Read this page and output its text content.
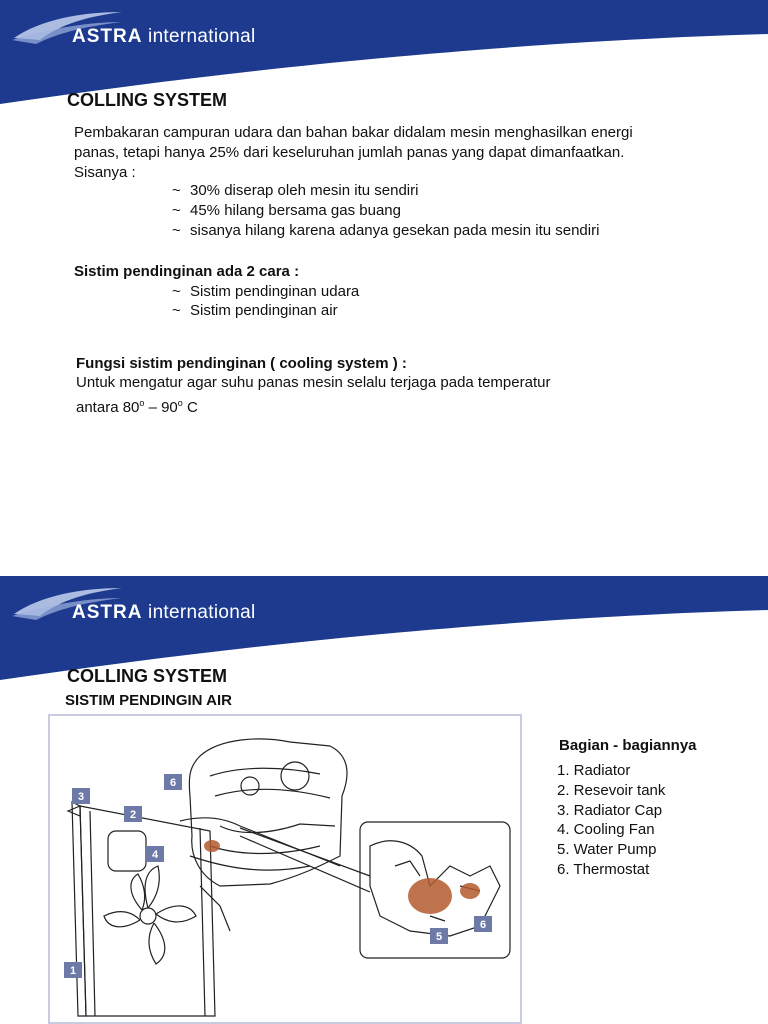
ASTRA international
COLLING SYSTEM
Pembakaran campuran udara dan bahan bakar didalam mesin menghasilkan energi
panas, tetapi hanya 25% dari keseluruhan jumlah panas yang dapat dimanfaatkan.
Sisanya :
~ 30% diserap oleh mesin itu sendiri
~ 45% hilang bersama gas buang
~ sisanya hilang karena adanya gesekan pada mesin itu sendiri
Sistim pendinginan ada 2 cara :
~ Sistim pendinginan udara
~ Sistim pendinginan air
Fungsi sistim pendinginan ( cooling system ) :
Untuk mengatur agar suhu panas mesin selalu terjaga pada temperatur
antara 80$^o$ – 90$^o$ C
ASTRA international
COLLING SYSTEM
SISTIM PENDINGIN AIR
1
2
3
4
5
6
6
Bagian - bagiannya
1. Radiator
2. Resevoir tank
3. Radiator Cap
4. Cooling Fan
5. Water Pump
6. Thermostat
